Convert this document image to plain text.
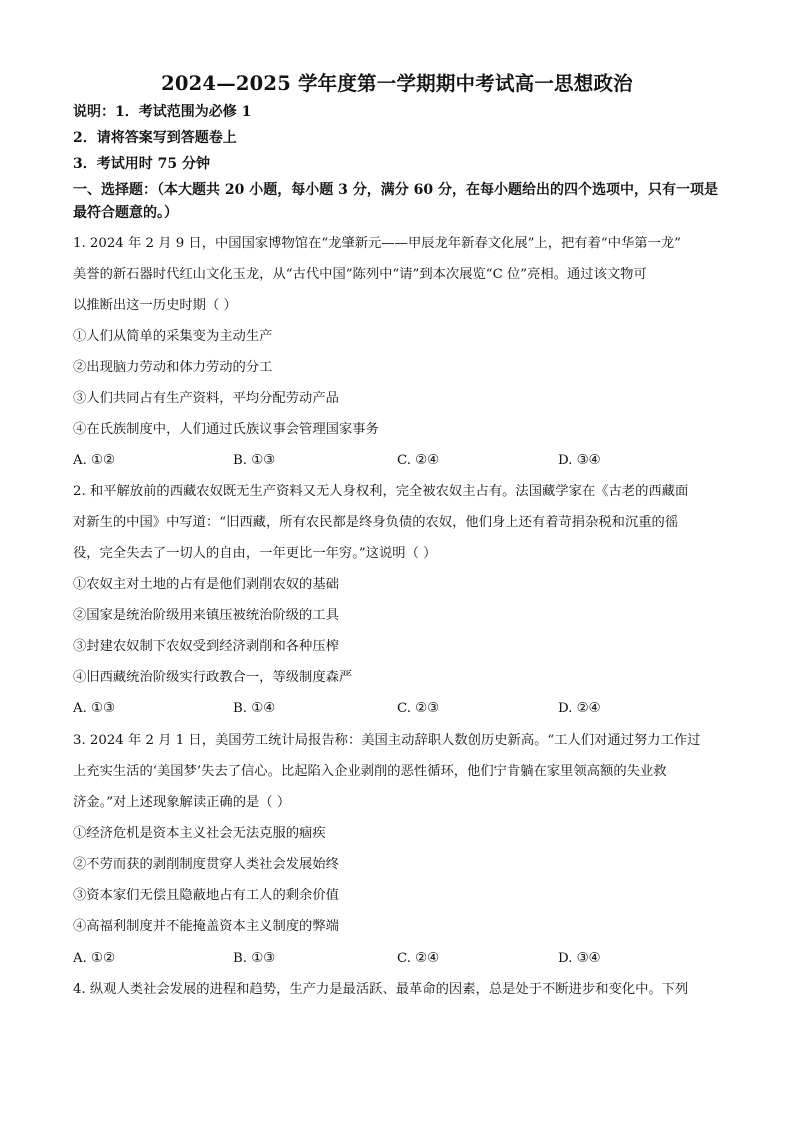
2024—2025 学年度第一学期期中考试高一思想政治
说明：1．考试范围为必修 1
2．请将答案写到答题卷上
3．考试用时 75 分钟
一、选择题：（本大题共 20 小题，每小题 3 分，满分 60 分，在每小题给出的四个选项中，只有一项是最符合题意的。）
1. 2024 年 2 月 9 日，中国国家博物馆在“龙肇新元——甲辰龙年新春文化展”上，把有着“中华第一龙”
美誉的新石器时代红山文化玉龙，从“古代中国”陈列中“请”到本次展览“C 位”亮相。通过该文物可
以推断出这一历史时期（ ）
①人们从简单的采集变为主动生产
②出现脑力劳动和体力劳动的分工
③人们共同占有生产资料，平均分配劳动产品
④在氏族制度中，人们通过氏族议事会管理国家事务
A. ①②	B. ①③	C. ②④	D. ③④
2. 和平解放前的西藏农奴既无生产资料又无人身权利，完全被农奴主占有。法国藏学家在《古老的西藏面
对新生的中国》中写道：“旧西藏，所有农民都是终身负债的农奴，他们身上还有着苛捐杂税和沉重的徭
役，完全失去了一切人的自由，一年更比一年穷。”这说明（ ）
①农奴主对土地的占有是他们剥削农奴的基础
②国家是统治阶级用来镇压被统治阶级的工具
③封建农奴制下农奴受到经济剥削和各种压榨
④旧西藏统治阶级实行政教合一，等级制度森严
A. ①③	B. ①④	C. ②③	D. ②④
3. 2024 年 2 月 1 日，美国劳工统计局报告称：美国主动辞职人数创历史新高。“工人们对通过努力工作过
上充实生活的‘美国梦’失去了信心。比起陷入企业剥削的恶性循环，他们宁肯躺在家里领高额的失业救
济金。”对上述现象解读正确的是（ ）
①经济危机是资本主义社会无法克服的痼疾
②不劳而获的剥削制度贯穿人类社会发展始终
③资本家们无偿且隐蔽地占有工人的剩余价值
④高福利制度并不能掩盖资本主义制度的弊端
A. ①②	B. ①③	C. ②④	D. ③④
4. 纵观人类社会发展的进程和趋势，生产力是最活跃、最革命的因素，总是处于不断进步和变化中。下列
